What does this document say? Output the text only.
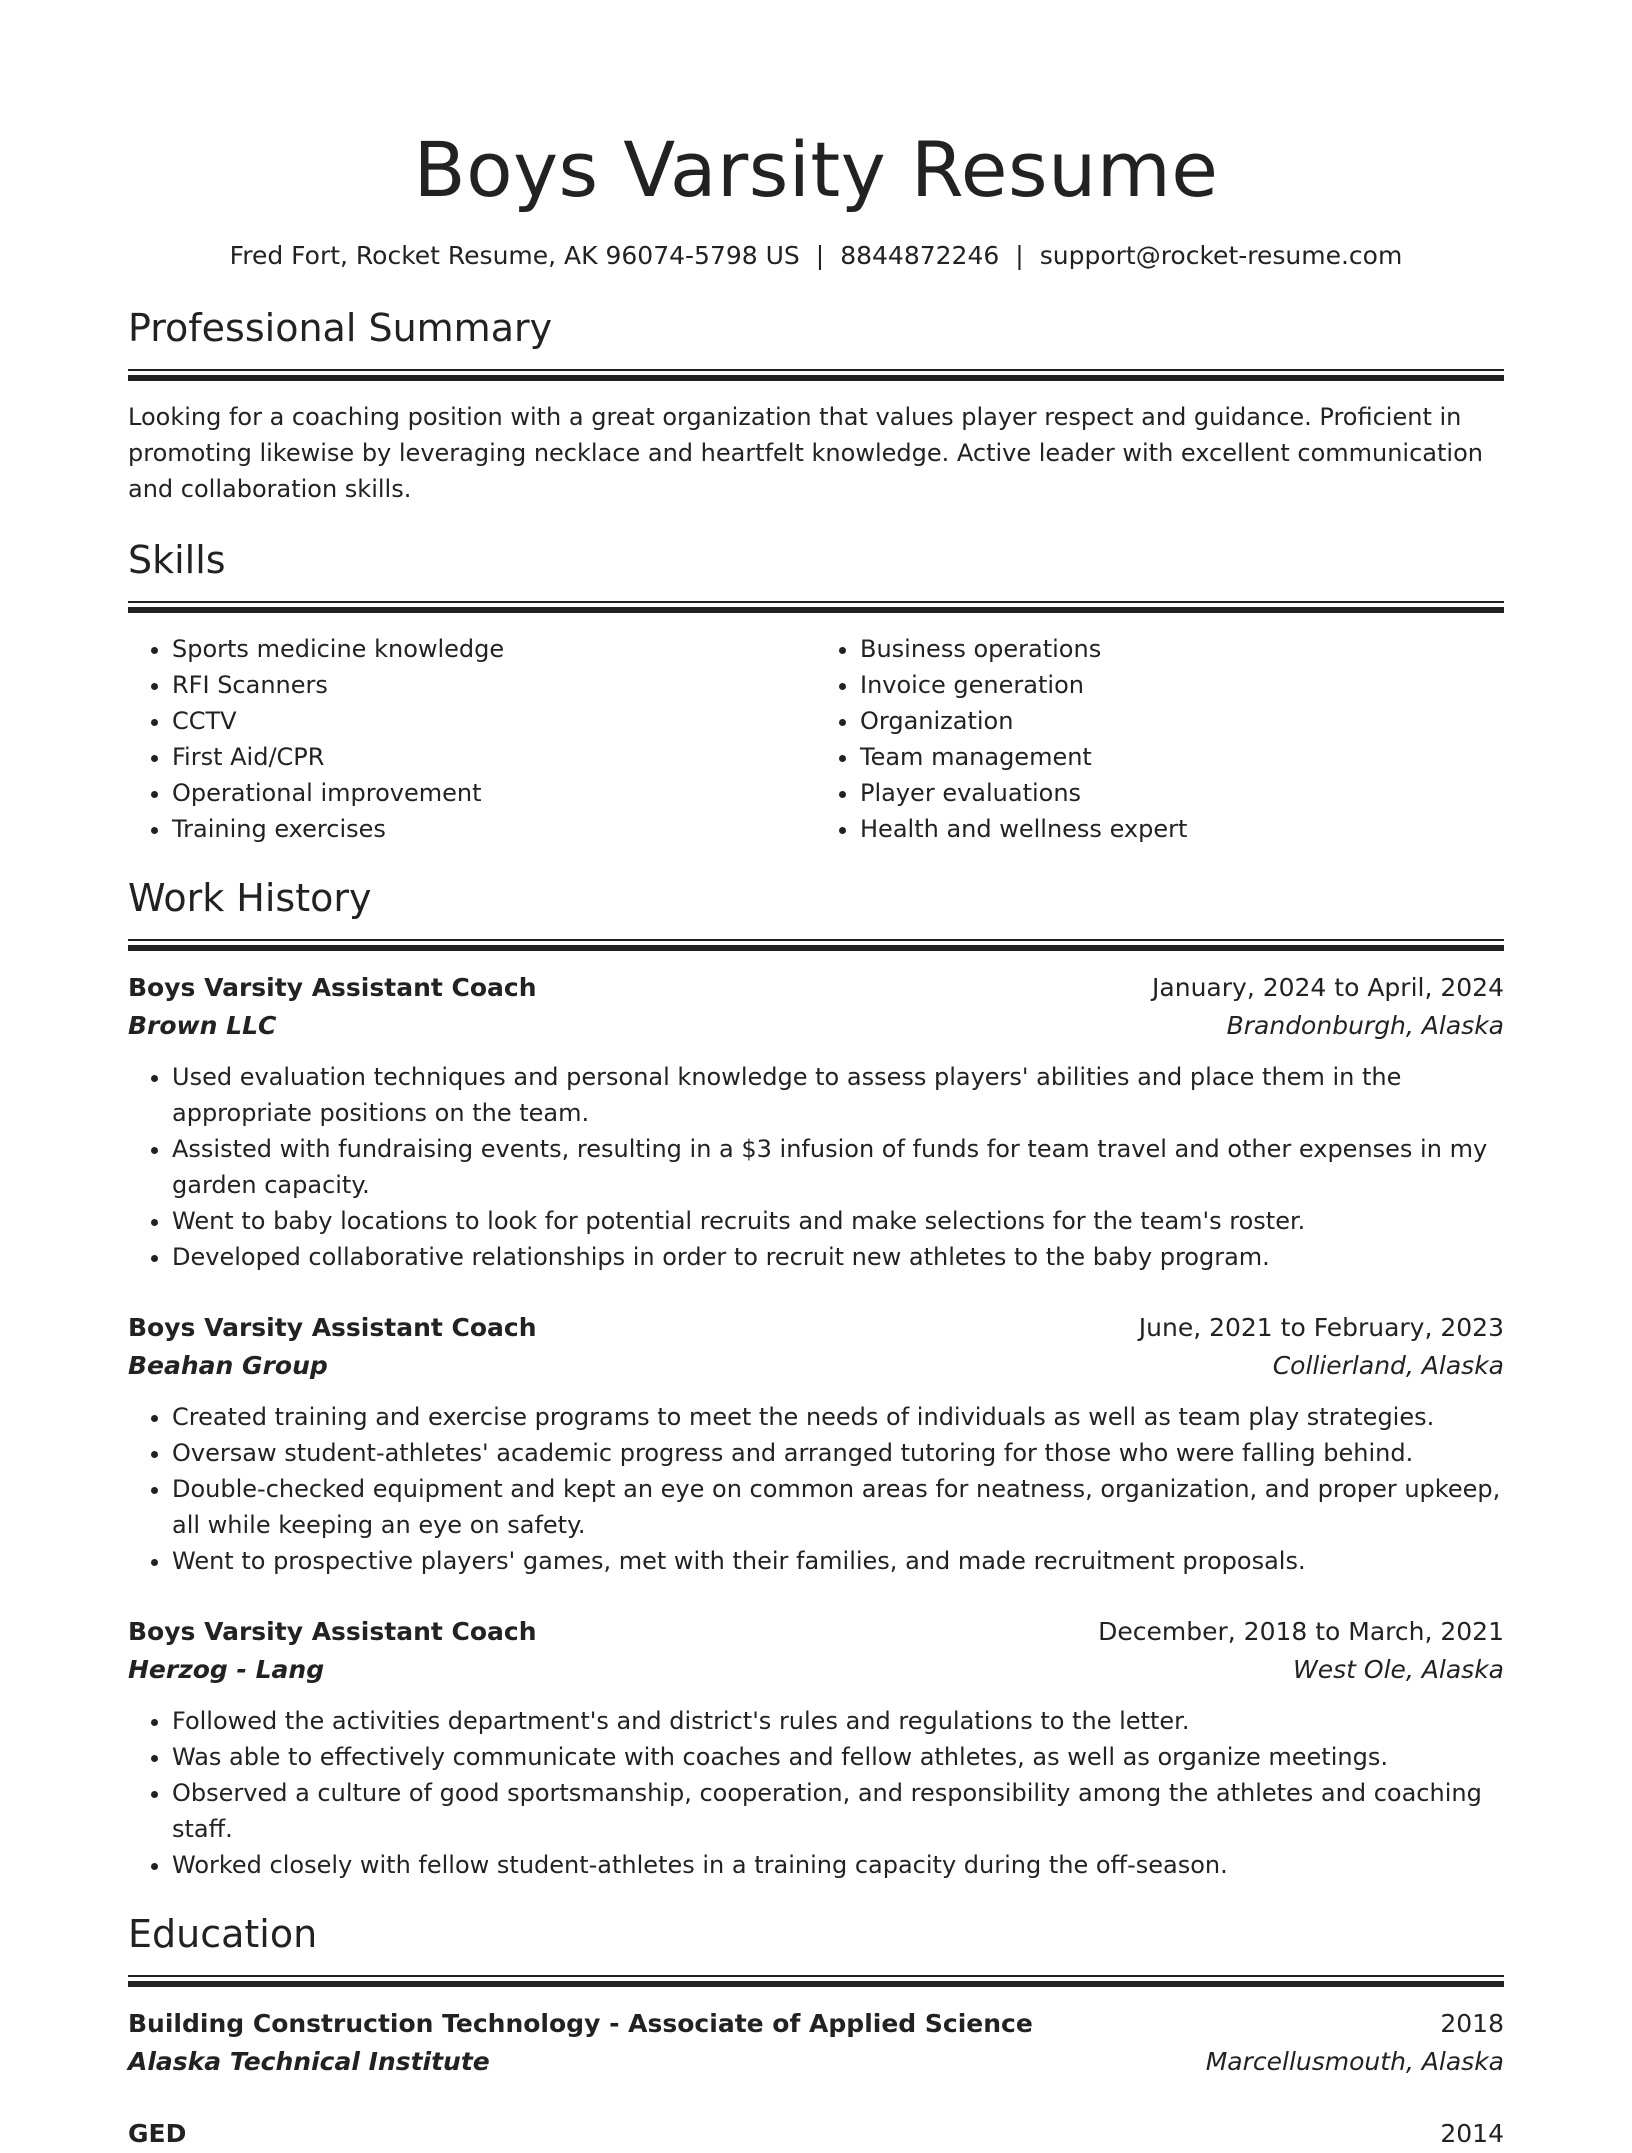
Boys Varsity Resume
Fred Fort, Rocket Resume, AK 96074-5798 US | 8844872246 | support@rocket-resume.com
Professional Summary
Looking for a coaching position with a great organization that values player respect and guidance. Proficient in promoting likewise by leveraging necklace and heartfelt knowledge. Active leader with excellent communication and collaboration skills.
Skills
• Sports medicine knowledge
• RFI Scanners
• CCTV
• First Aid/CPR
• Operational improvement
• Training exercises
• Business operations
• Invoice generation
• Organization
• Team management
• Player evaluations
• Health and wellness expert
Work History
Boys Varsity Assistant Coach	January, 2024 to April, 2024
Brown LLC	Brandonburgh, Alaska
• Used evaluation techniques and personal knowledge to assess players' abilities and place them in the appropriate positions on the team.
• Assisted with fundraising events, resulting in a $3 infusion of funds for team travel and other expenses in my garden capacity.
• Went to baby locations to look for potential recruits and make selections for the team's roster.
• Developed collaborative relationships in order to recruit new athletes to the baby program.
Boys Varsity Assistant Coach	June, 2021 to February, 2023
Beahan Group	Collierland, Alaska
• Created training and exercise programs to meet the needs of individuals as well as team play strategies.
• Oversaw student-athletes' academic progress and arranged tutoring for those who were falling behind.
• Double-checked equipment and kept an eye on common areas for neatness, organization, and proper upkeep, all while keeping an eye on safety.
• Went to prospective players' games, met with their families, and made recruitment proposals.
Boys Varsity Assistant Coach	December, 2018 to March, 2021
Herzog - Lang	West Ole, Alaska
• Followed the activities department's and district's rules and regulations to the letter.
• Was able to effectively communicate with coaches and fellow athletes, as well as organize meetings.
• Observed a culture of good sportsmanship, cooperation, and responsibility among the athletes and coaching staff.
• Worked closely with fellow student-athletes in a training capacity during the off-season.
Education
Building Construction Technology - Associate of Applied Science	2018
Alaska Technical Institute	Marcellusmouth, Alaska
GED	2014
